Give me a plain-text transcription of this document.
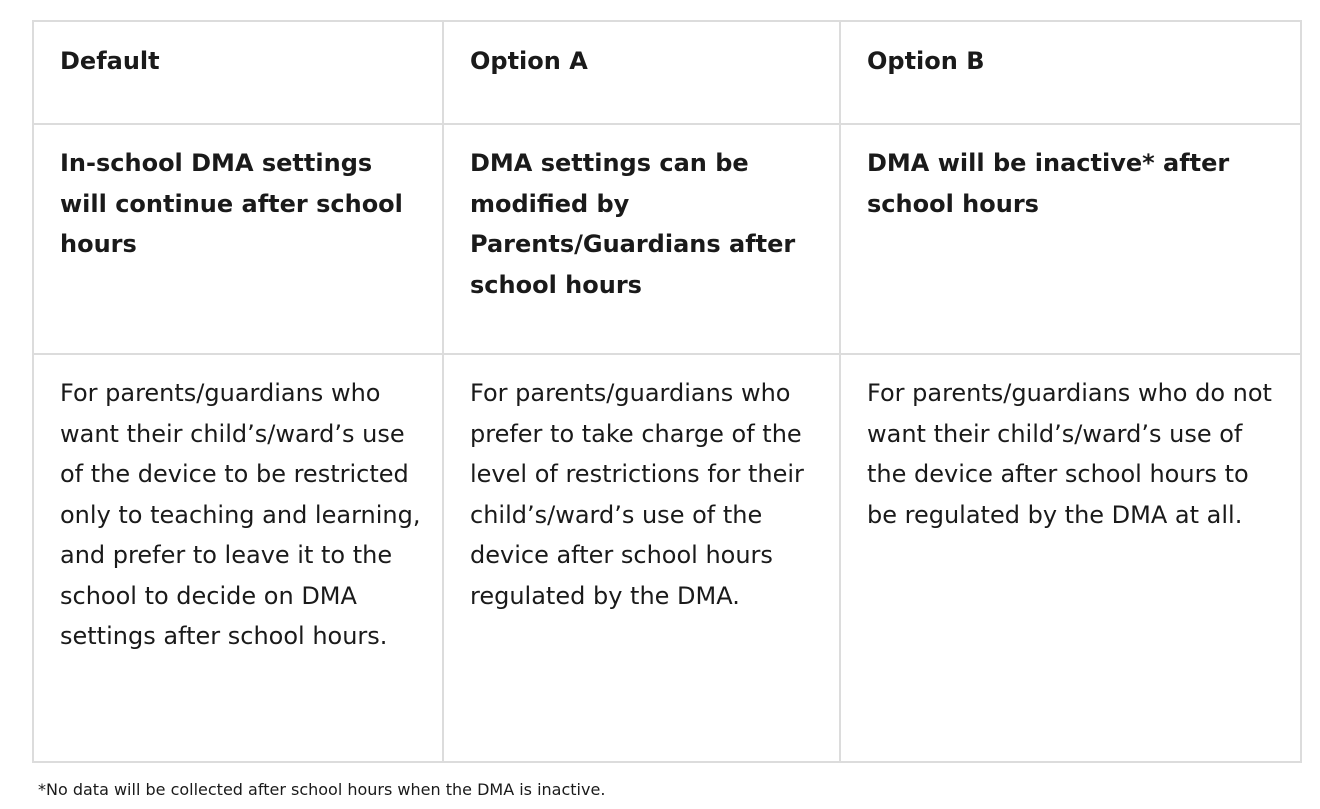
Default	Option A	Option B

In-school DMA settings will continue after school hours	DMA settings can be modified by Parents/Guardians after school hours	DMA will be inactive* after school hours

For parents/guardians who want their child’s/ward’s use of the device to be restricted only to teaching and learning, and prefer to leave it to the school to decide on DMA settings after school hours.	For parents/guardians who prefer to take charge of the level of restrictions for their child’s/ward’s use of the device after school hours regulated by the DMA.	For parents/guardians who do not want their child’s/ward’s use of the device after school hours to be regulated by the DMA at all.
*No data will be collected after school hours when the DMA is inactive.
